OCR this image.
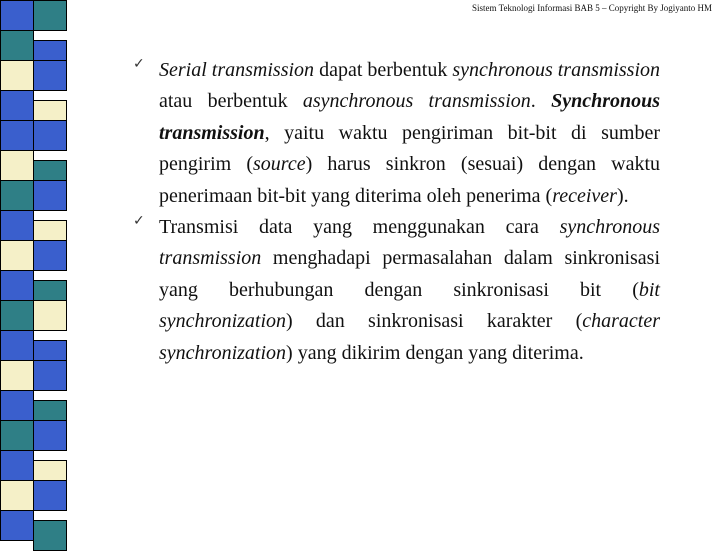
Sistem Teknologi Informasi BAB 5 – Copyright By Jogiyanto HM
✓ Serial transmission dapat berbentuk synchronous transmission atau berbentuk asynchronous transmission. Synchronous transmission, yaitu waktu pengiriman bit-bit di sumber pengirim (source) harus sinkron (sesuai) dengan waktu penerimaan bit-bit yang diterima oleh penerima (receiver).

✓ Transmisi data yang menggunakan cara synchronous transmission menghadapi permasalahan dalam sinkronisasi yang berhubungan dengan sinkronisasi bit (bit synchronization) dan sinkronisasi karakter (character synchronization) yang dikirim dengan yang diterima.
